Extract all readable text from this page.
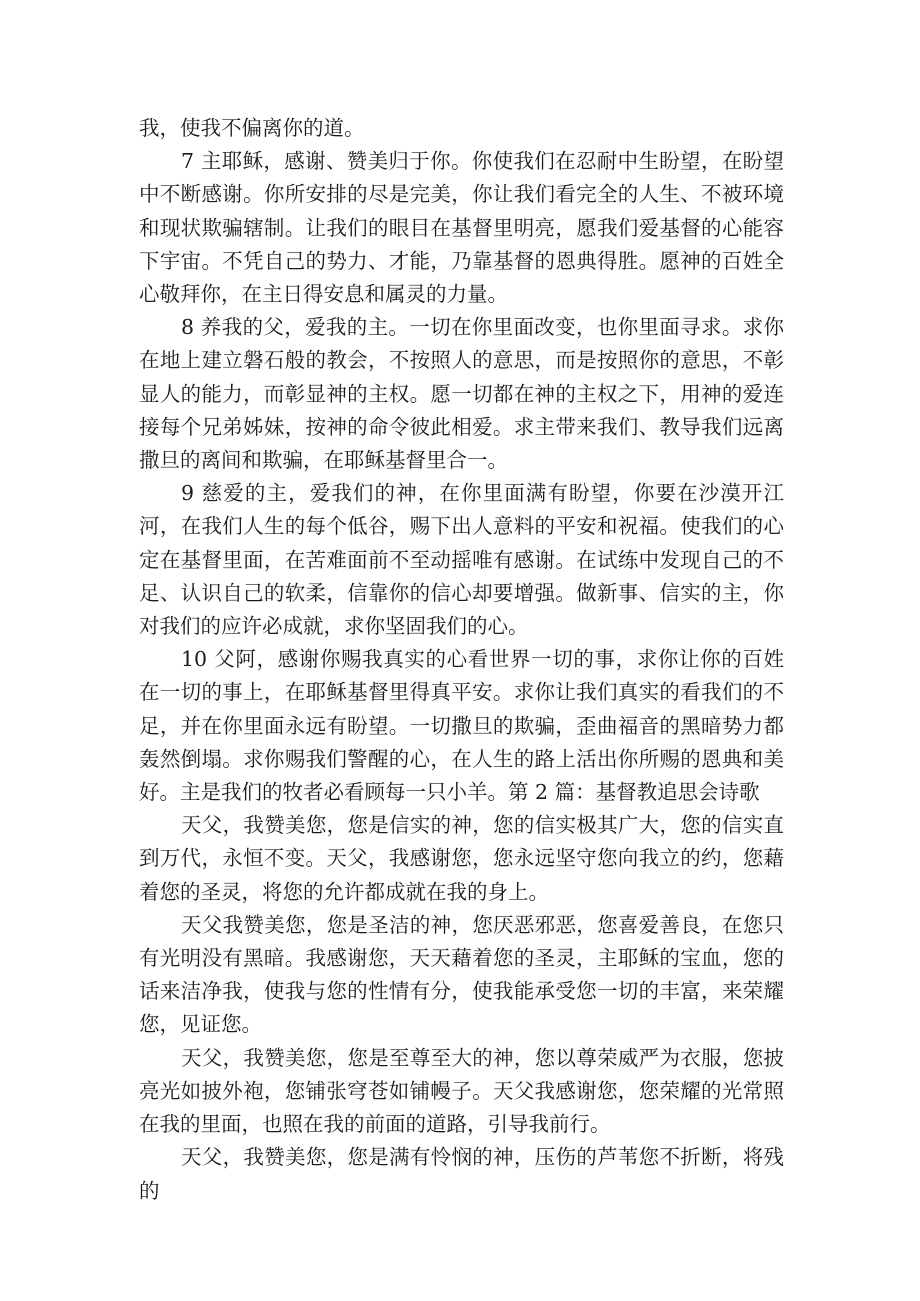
我，使我不偏离你的道。

7 主耶稣，感谢、赞美归于你。你使我们在忍耐中生盼望，在盼望中不断感谢。你所安排的尽是完美，你让我们看完全的人生、不被环境和现状欺骗辖制。让我们的眼目在基督里明亮，愿我们爱基督的心能容下宇宙。不凭自己的势力、才能，乃靠基督的恩典得胜。愿神的百姓全心敬拜你，在主日得安息和属灵的力量。

8 养我的父，爱我的主。一切在你里面改变，也你里面寻求。求你在地上建立磐石般的教会，不按照人的意思，而是按照你的意思，不彰显人的能力，而彰显神的主权。愿一切都在神的主权之下，用神的爱连接每个兄弟姊妹，按神的命令彼此相爱。求主带来我们、教导我们远离撒旦的离间和欺骗，在耶稣基督里合一。

9 慈爱的主，爱我们的神，在你里面满有盼望，你要在沙漠开江河，在我们人生的每个低谷，赐下出人意料的平安和祝福。使我们的心定在基督里面，在苦难面前不至动摇唯有感谢。在试练中发现自己的不足、认识自己的软柔，信靠你的信心却要增强。做新事、信实的主，你对我们的应许必成就，求你坚固我们的心。

10 父阿，感谢你赐我真实的心看世界一切的事，求你让你的百姓在一切的事上，在耶稣基督里得真平安。求你让我们真实的看我们的不足，并在你里面永远有盼望。一切撒旦的欺骗，歪曲福音的黑暗势力都轰然倒塌。求你赐我们警醒的心，在人生的路上活出你所赐的恩典和美好。主是我们的牧者必看顾每一只小羊。第 2 篇：基督教追思会诗歌

天父，我赞美您，您是信实的神，您的信实极其广大，您的信实直到万代，永恒不变。天父，我感谢您，您永远坚守您向我立的约，您藉着您的圣灵，将您的允许都成就在我的身上。

天父我赞美您，您是圣洁的神，您厌恶邪恶，您喜爱善良，在您只有光明没有黑暗。我感谢您，天天藉着您的圣灵，主耶稣的宝血，您的话来洁净我，使我与您的性情有分，使我能承受您一切的丰富，来荣耀您，见证您。

天父，我赞美您，您是至尊至大的神，您以尊荣威严为衣服，您披亮光如披外袍，您铺张穹苍如铺幔子。天父我感谢您，您荣耀的光常照在我的里面，也照在我的前面的道路，引导我前行。

天父，我赞美您，您是满有怜悯的神，压伤的芦苇您不折断，将残的
